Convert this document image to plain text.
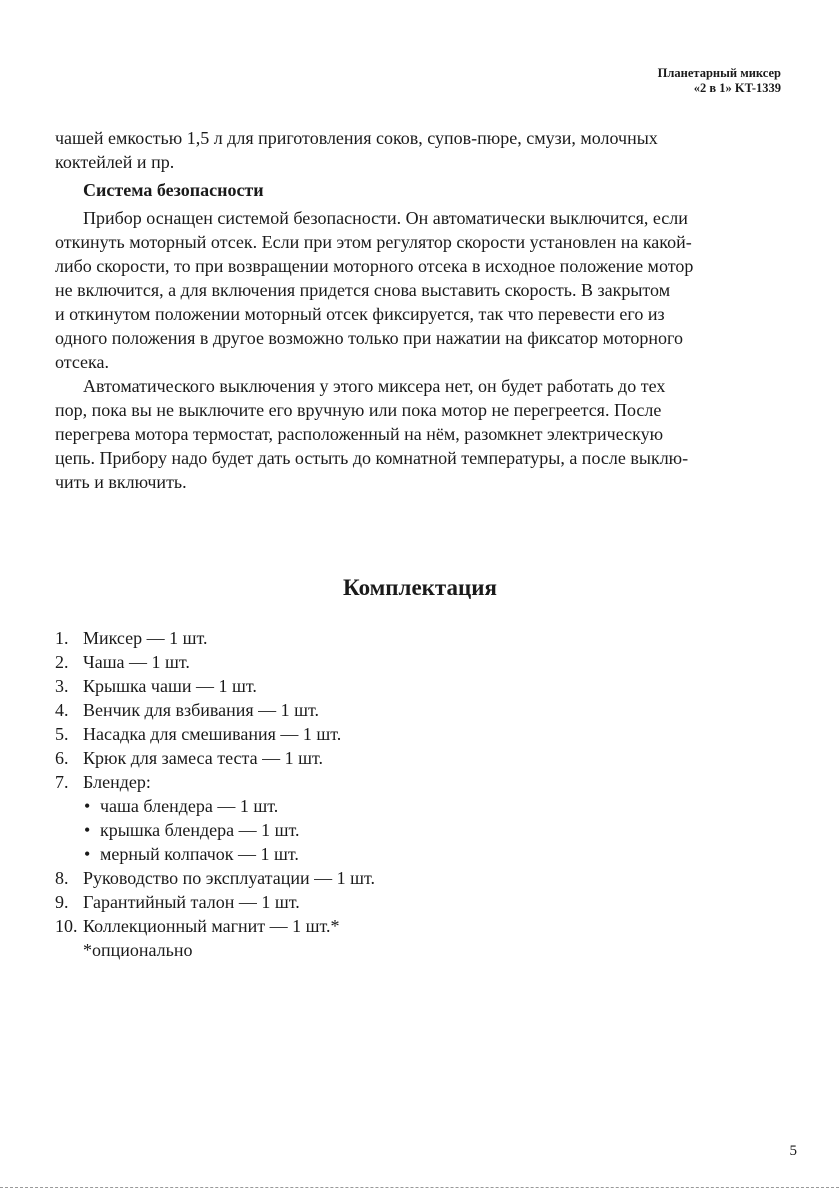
Планетарный миксер
«2 в 1» KT-1339

чашей емкостью 1,5 л для приготовления соков, супов-пюре, смузи, молочных

коктейлей и пр.

Система безопасности

Прибор оснащен системой безопасности. Он автоматически выключится, если

откинуть моторный отсек. Если при этом регулятор скорости установлен на какой-

либо скорости, то при возвращении моторного отсека в исходное положение мотор

не включится, а для включения придется снова выставить скорость. В закрытом

и откинутом положении моторный отсек фиксируется, так что перевести его из

одного положения в другое возможно только при нажатии на фиксатор моторного

отсека.

Автоматического выключения у этого миксера нет, он будет работать до тех

пор, пока вы не выключите его вручную или пока мотор не перегреется. После

перегрева мотора термостат, расположенный на нём, разомкнет электрическую

цепь. Прибору надо будет дать остыть до комнатной температуры, а после выклю-

чить и включить.

Комплектация

1. Миксер — 1 шт.
2. Чаша — 1 шт.
3. Крышка чаши — 1 шт.
4. Венчик для взбивания — 1 шт.
5. Насадка для смешивания — 1 шт.
6. Крюк для замеса теста — 1 шт.
7. Блендер:
• чаша блендера — 1 шт.
• крышка блендера — 1 шт.
• мерный колпачок — 1 шт.
8. Руководство по эксплуатации — 1 шт.
9. Гарантийный талон — 1 шт.
10. Коллекционный магнит — 1 шт.*

*опционально

5
